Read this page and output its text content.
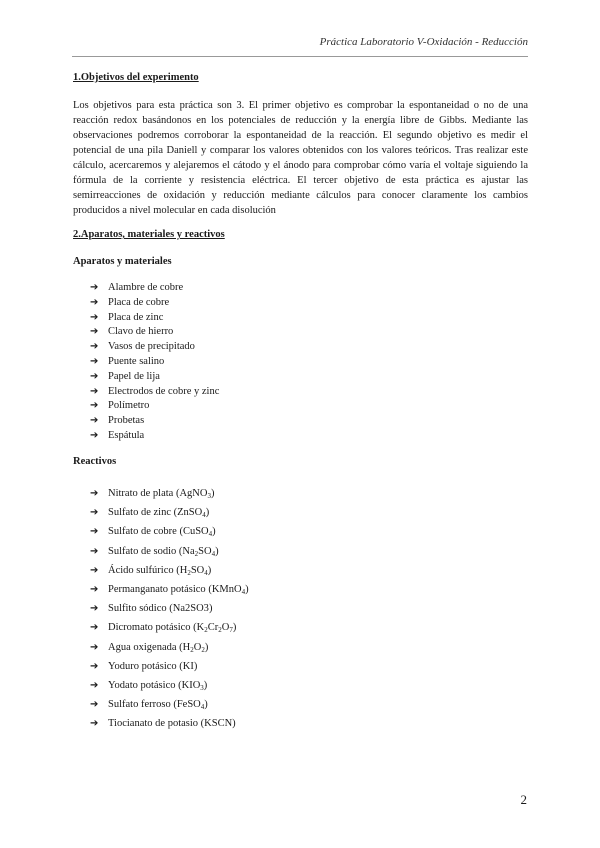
Práctica Laboratorio V-Oxidación - Reducción
1.Objetivos del experimento

Los objetivos para esta práctica son 3. El primer objetivo es comprobar la espontaneidad o no de una reacción redox basándonos en los potenciales de reducción y la energía libre de Gibbs. Mediante las observaciones podremos corroborar la espontaneidad de la reacción. El segundo objetivo es medir el potencial de una pila Daniell y comparar los valores obtenidos con los valores teóricos. Tras realizar este cálculo, acercaremos y alejaremos el cátodo y el ánodo para comprobar cómo varía el voltaje siguiendo la fórmula de la corriente y resistencia eléctrica. El tercer objetivo de esta práctica es ajustar las semirreacciones de oxidación y reducción mediante cálculos para conocer claramente los cambios producidos a nivel molecular en cada disolución

2.Aparatos, materiales y reactivos
Aparatos y materiales
➔ Alambre de cobre
➔ Placa de cobre
➔ Placa de zinc
➔ Clavo de hierro
➔ Vasos de precipitado
➔ Puente salino
➔ Papel de lija
➔ Electrodos de cobre y zinc
➔ Polímetro
➔ Probetas
➔ Espátula
Reactivos
➔ Nitrato de plata (AgNO$_3$)
➔ Sulfato de zinc (ZnSO$_4$)
➔ Sulfato de cobre (CuSO$_4$)
➔ Sulfato de sodio $(Na_2SO_4)$
➔ Ácido sulfúrico $(H_2SO_4)$
➔ Permanganato potásico (KMnO$_4$)
➔ Sulfito sódico (Na2SO3)
➔ Dicromato potásico $(K_2Cr_2O_7)$
➔ Agua oxigenada $(H_2O_2)$
➔ Yoduro potásico (KI)
➔ Yodato potásico $(KIO_3)$
➔ Sulfato ferroso (FeSO$_4$)
➔ Tiocianato de potasio (KSCN)
2
